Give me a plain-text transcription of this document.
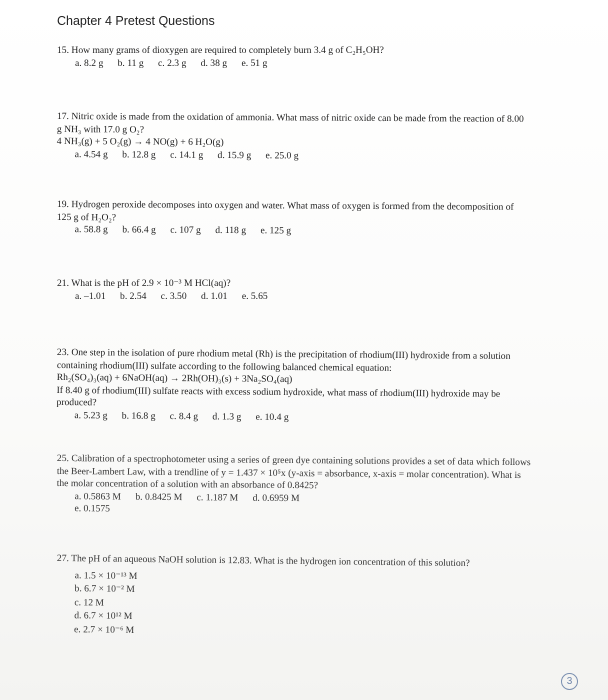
Chapter 4 Pretest Questions
15. How many grams of dioxygen are required to completely burn 3.4 g of C₂H₅OH?
a. 8.2 g      b. 11 g      c. 2.3 g      d. 38 g      e. 51 g
17. Nitric oxide is made from the oxidation of ammonia. What mass of nitric oxide can be made from the reaction of 8.00
g NH₃ with 17.0 g O₂?
4 NH₃(g) + 5 O₂(g) → 4 NO(g) + 6 H₂O(g)
a. 4.54 g      b. 12.8 g      c. 14.1 g      d. 15.9 g      e. 25.0 g
19. Hydrogen peroxide decomposes into oxygen and water. What mass of oxygen is formed from the decomposition of
125 g of H₂O₂?
a. 58.8 g      b. 66.4 g      c. 107 g      d. 118 g      e. 125 g
21. What is the pH of 2.9 × 10⁻³ M HCl(aq)?
a. –1.01      b. 2.54      c. 3.50      d. 1.01      e. 5.65
23. One step in the isolation of pure rhodium metal (Rh) is the precipitation of rhodium(III) hydroxide from a solution
containing rhodium(III) sulfate according to the following balanced chemical equation:
Rh₂(SO₄)₃(aq) + 6NaOH(aq) → 2Rh(OH)₃(s) + 3Na₂SO₄(aq)
If 8.40 g of rhodium(III) sulfate reacts with excess sodium hydroxide, what mass of rhodium(III) hydroxide may be
produced?
a. 5.23 g      b. 16.8 g      c. 8.4 g      d. 1.3 g      e. 10.4 g
25. Calibration of a spectrophotometer using a series of green dye containing solutions provides a set of data which follows
the Beer-Lambert Law, with a trendline of y = 1.437 × 10⁵x (y-axis = absorbance, x-axis = molar concentration). What is
the molar concentration of a solution with an absorbance of 0.8425?
a. 0.5863 M      b. 0.8425 M      c. 1.187 M      d. 0.6959 M
e. 0.1575
27. The pH of an aqueous NaOH solution is 12.83. What is the hydrogen ion concentration of this solution?
a. 1.5 × 10⁻¹³ M
b. 6.7 × 10⁻² M
c. 12 M
d. 6.7 × 10¹² M
e. 2.7 × 10⁻⁶ M
3
